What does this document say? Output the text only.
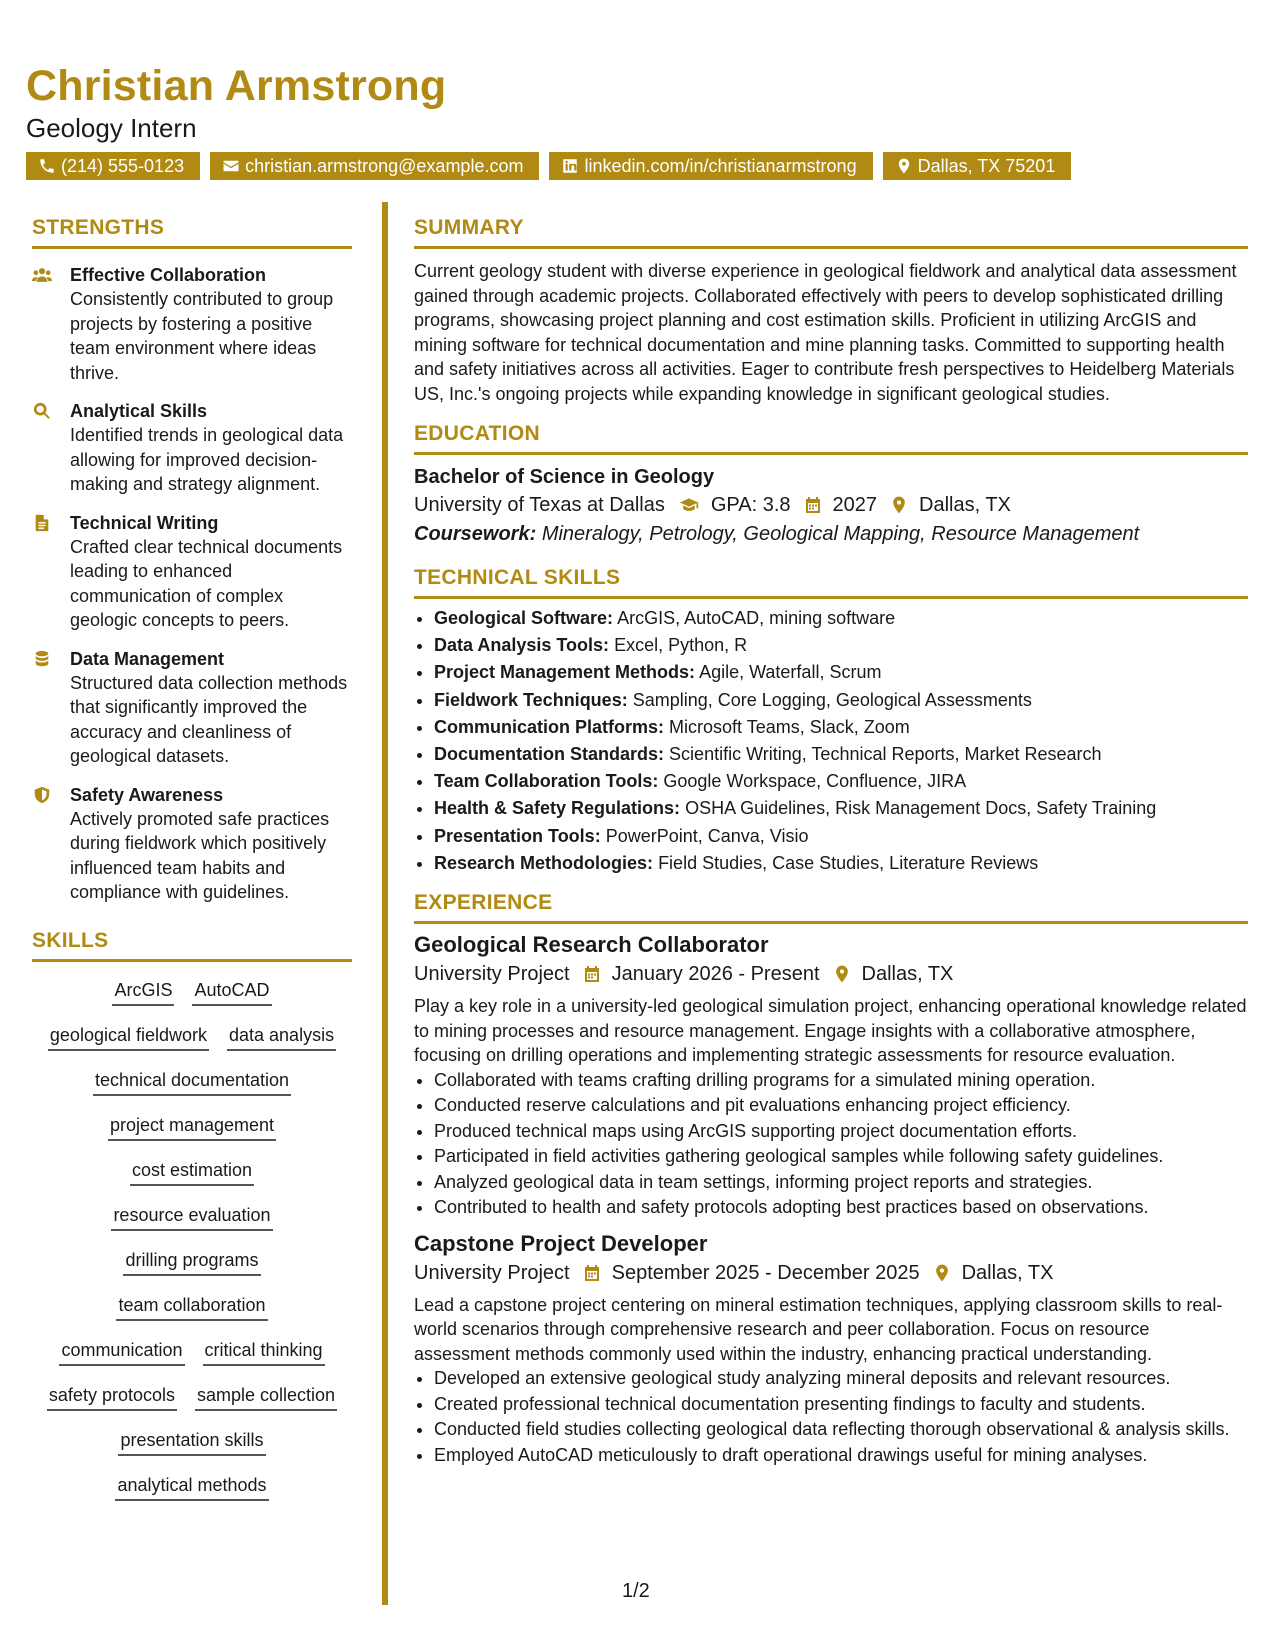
Christian Armstrong
Geology Intern
(214) 555-0123	christian.armstrong@example.com	linkedin.com/in/christianarmstrong	Dallas, TX 75201
STRENGTHS
Effective Collaboration
Consistently contributed to group projects by fostering a positive team environment where ideas thrive.
Analytical Skills
Identified trends in geological data allowing for improved decision-making and strategy alignment.
Technical Writing
Crafted clear technical documents leading to enhanced communication of complex geologic concepts to peers.
Data Management
Structured data collection methods that significantly improved the accuracy and cleanliness of geological datasets.
Safety Awareness
Actively promoted safe practices during fieldwork which positively influenced team habits and compliance with guidelines.
SKILLS
ArcGIS AutoCAD
geological fieldwork data analysis
technical documentation
project management
cost estimation
resource evaluation
drilling programs
team collaboration
communication critical thinking
safety protocols sample collection
presentation skills
analytical methods
SUMMARY
Current geology student with diverse experience in geological fieldwork and analytical data assessment gained through academic projects. Collaborated effectively with peers to develop sophisticated drilling programs, showcasing project planning and cost estimation skills. Proficient in utilizing ArcGIS and mining software for technical documentation and mine planning tasks. Committed to supporting health and safety initiatives across all activities. Eager to contribute fresh perspectives to Heidelberg Materials US, Inc.'s ongoing projects while expanding knowledge in significant geological studies.
EDUCATION
Bachelor of Science in Geology
University of Texas at Dallas GPA: 3.8 2027 Dallas, TX
Coursework: Mineralogy, Petrology, Geological Mapping, Resource Management
TECHNICAL SKILLS
• Geological Software: ArcGIS, AutoCAD, mining software
• Data Analysis Tools: Excel, Python, R
• Project Management Methods: Agile, Waterfall, Scrum
• Fieldwork Techniques: Sampling, Core Logging, Geological Assessments
• Communication Platforms: Microsoft Teams, Slack, Zoom
• Documentation Standards: Scientific Writing, Technical Reports, Market Research
• Team Collaboration Tools: Google Workspace, Confluence, JIRA
• Health & Safety Regulations: OSHA Guidelines, Risk Management Docs, Safety Training
• Presentation Tools: PowerPoint, Canva, Visio
• Research Methodologies: Field Studies, Case Studies, Literature Reviews
EXPERIENCE
Geological Research Collaborator
University Project January 2026 - Present Dallas, TX
Play a key role in a university-led geological simulation project, enhancing operational knowledge related to mining processes and resource management. Engage insights with a collaborative atmosphere, focusing on drilling operations and implementing strategic assessments for resource evaluation.
• Collaborated with teams crafting drilling programs for a simulated mining operation.
• Conducted reserve calculations and pit evaluations enhancing project efficiency.
• Produced technical maps using ArcGIS supporting project documentation efforts.
• Participated in field activities gathering geological samples while following safety guidelines.
• Analyzed geological data in team settings, informing project reports and strategies.
• Contributed to health and safety protocols adopting best practices based on observations.
Capstone Project Developer
University Project September 2025 - December 2025 Dallas, TX
Lead a capstone project centering on mineral estimation techniques, applying classroom skills to real-world scenarios through comprehensive research and peer collaboration. Focus on resource assessment methods commonly used within the industry, enhancing practical understanding.
• Developed an extensive geological study analyzing mineral deposits and relevant resources.
• Created professional technical documentation presenting findings to faculty and students.
• Conducted field studies collecting geological data reflecting thorough observational & analysis skills.
• Employed AutoCAD meticulously to draft operational drawings useful for mining analyses.
1/2
